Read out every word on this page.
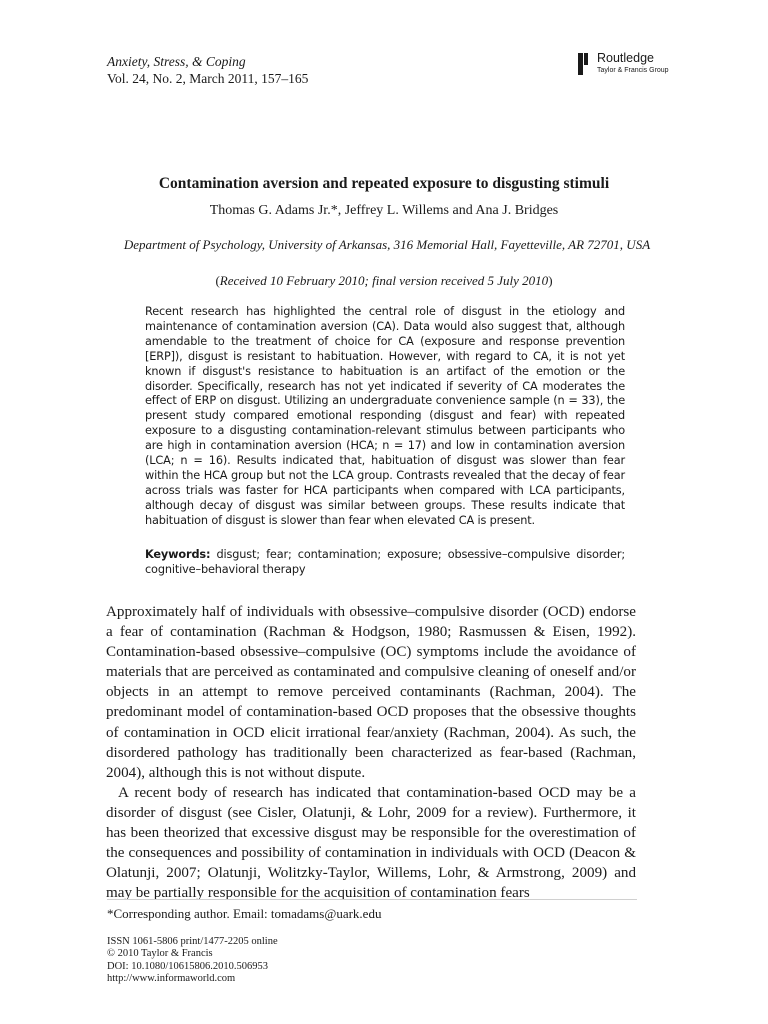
Anxiety, Stress, & Coping
Vol. 24, No. 2, March 2011, 157–165
Routledge
Taylor & Francis Group
Contamination aversion and repeated exposure to disgusting stimuli
Thomas G. Adams Jr.*, Jeffrey L. Willems and Ana J. Bridges
Department of Psychology, University of Arkansas, 316 Memorial Hall, Fayetteville, AR 72701, USA
(Received 10 February 2010; final version received 5 July 2010)
Recent research has highlighted the central role of disgust in the etiology and maintenance of contamination aversion (CA). Data would also suggest that, although amendable to the treatment of choice for CA (exposure and response prevention [ERP]), disgust is resistant to habituation. However, with regard to CA, it is not yet known if disgust's resistance to habituation is an artifact of the emotion or the disorder. Specifically, research has not yet indicated if severity of CA moderates the effect of ERP on disgust. Utilizing an undergraduate convenience sample (n = 33), the present study compared emotional responding (disgust and fear) with repeated exposure to a disgusting contamination-relevant stimulus between participants who are high in contamination aversion (HCA; n = 17) and low in contamination aversion (LCA; n = 16). Results indicated that, habituation of disgust was slower than fear within the HCA group but not the LCA group. Contrasts revealed that the decay of fear across trials was faster for HCA participants when compared with LCA participants, although decay of disgust was similar between groups. These results indicate that habituation of disgust is slower than fear when elevated CA is present.
Keywords: disgust; fear; contamination; exposure; obsessive–compulsive disorder; cognitive–behavioral therapy

Approximately half of individuals with obsessive–compulsive disorder (OCD) endorse a fear of contamination (Rachman & Hodgson, 1980; Rasmussen & Eisen, 1992). Contamination-based obsessive–compulsive (OC) symptoms include the avoidance of materials that are perceived as contaminated and compulsive cleaning of oneself and/or objects in an attempt to remove perceived contaminants (Rachman, 2004). The predominant model of contamination-based OCD proposes that the obsessive thoughts of contamination in OCD elicit irrational fear/anxiety (Rachman, 2004). As such, the disordered pathology has traditionally been characterized as fear-based (Rachman, 2004), although this is not without dispute.

A recent body of research has indicated that contamination-based OCD may be a disorder of disgust (see Cisler, Olatunji, & Lohr, 2009 for a review). Furthermore, it has been theorized that excessive disgust may be responsible for the overestimation of the consequences and possibility of contamination in individuals with OCD (Deacon & Olatunji, 2007; Olatunji, Wolitzky-Taylor, Willems, Lohr, & Armstrong, 2009) and may be partially responsible for the acquisition of contamination fears

*Corresponding author. Email: tomadams@uark.edu
ISSN 1061-5806 print/1477-2205 online
© 2010 Taylor & Francis
DOI: 10.1080/10615806.2010.506953
http://www.informaworld.com
